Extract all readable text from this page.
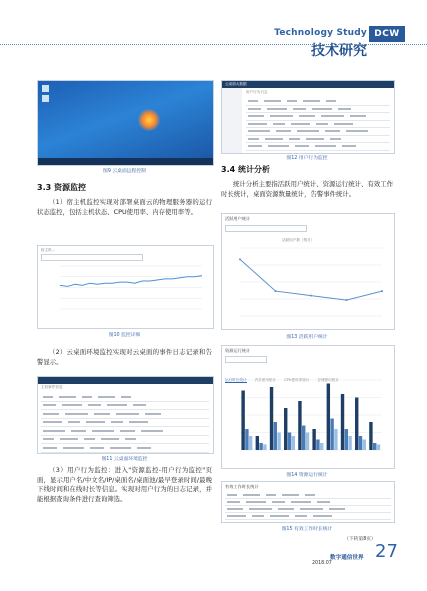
Technology Study
技术研究
DCW
图9 云桌面远程控制
3.3 资源监控
（1）宿主机监控实现对部署桌面云的物理服务器的运行状态监控，包括主机状态、CPU使用率、内存使用率等。
宿主机...
图10 监控详细
（2）云桌面环境监控实现对云桌面的事件日志记录和告警显示。
主机事件信息
图11 云桌面环境监控
（3）用户行为监控：进入"资源监控-用户行为监控"页面，显示用户名/中文名/IP/桌面名/桌面池/最早登录时间/最晚下线时间和在线时长等信息。实现对用户行为的日志记录，并能根据查询条件进行查询筛选。
云桌面大数据
用户行为日志
图12 用户行为监控
3.4 统计分析
统计分析主要指活跃用户统计、资源运行统计、有效工作时长统计，桌面资源数量统计，告警事件统计。
活跃用户统计
活跃用户数（按月）
图13 活跃用户统计
资源运行统计
运行时长统计 内存使用统计 CPU使用率统计 存储使用统计
图14 资源运行统计
有效工作时长统计
图15 有效工作时长统计
（下转第8页）
数字通信世界 27
2018.07
